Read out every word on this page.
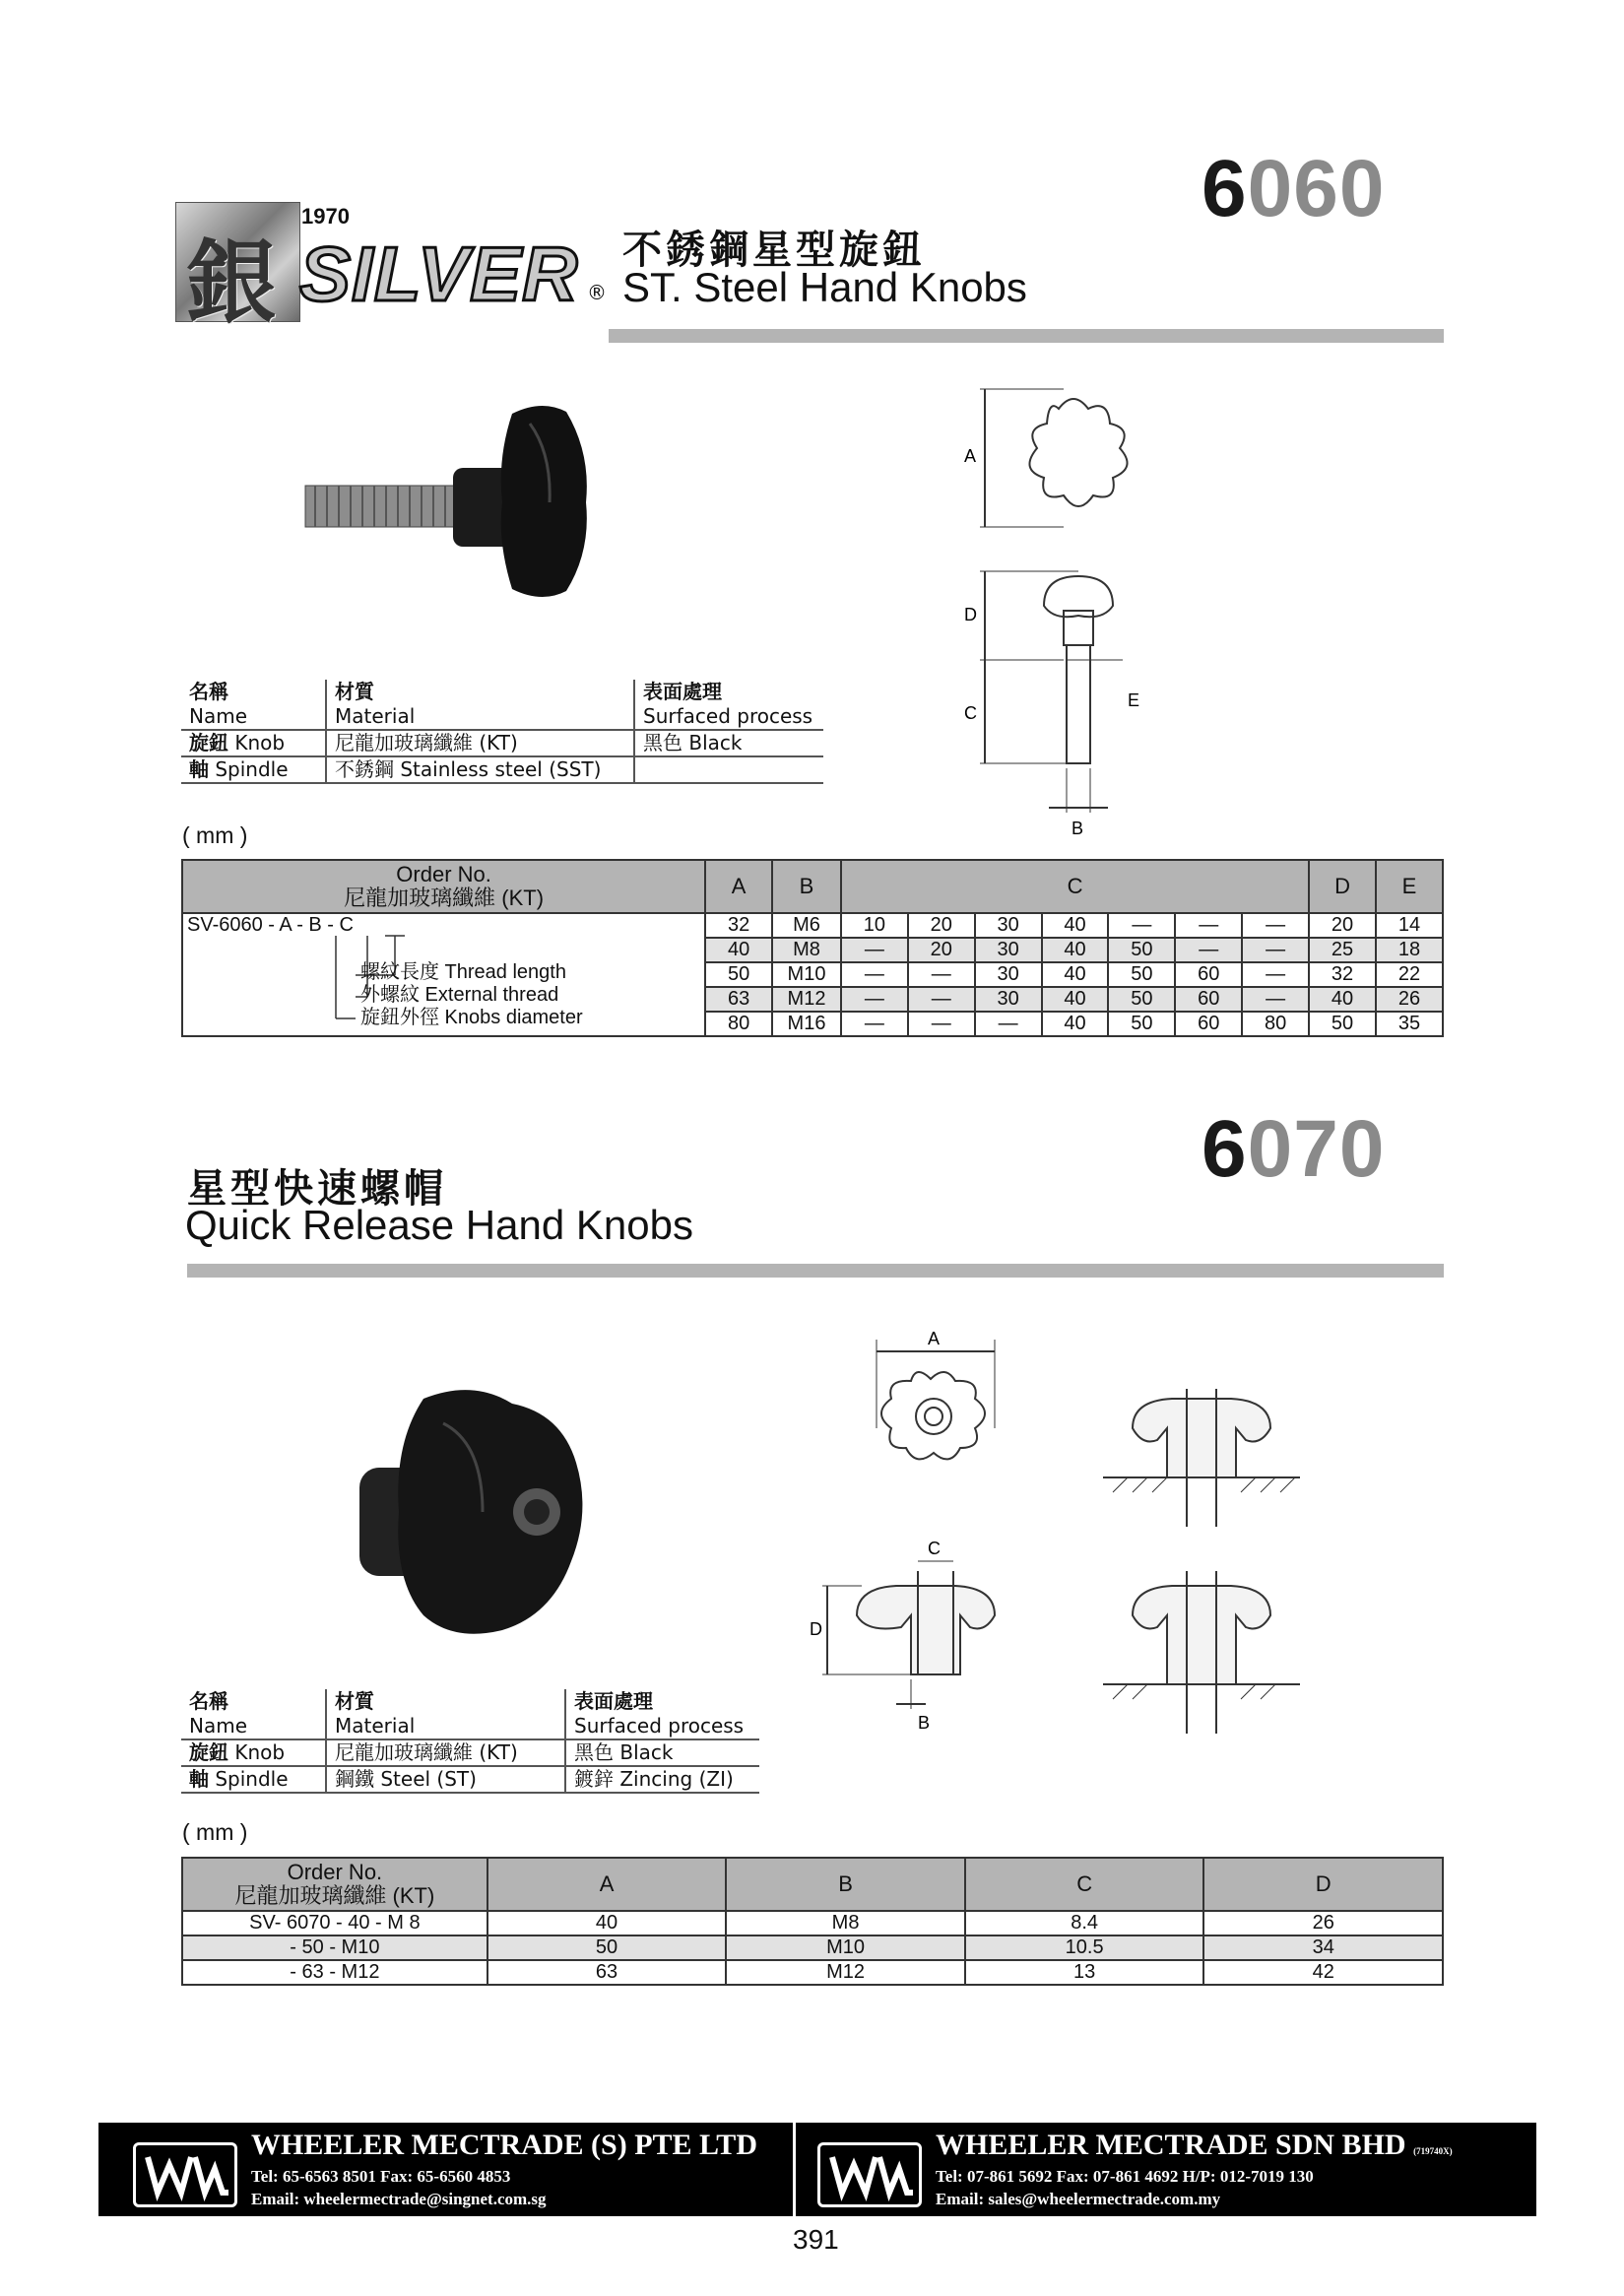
6060
銀
1970
SILVER ®
不銹鋼星型旋鈕
ST. Steel Hand Knobs
名稱	材質	表面處理
Name	Material	Surfaced process
旋鈕 Knob	尼龍加玻璃纖維 (KT)	黑色 Black
軸 Spindle	不銹鋼 Stainless steel (SST)	
A
D
C
E
B
( mm )
Order No.
尼龍加玻璃纖維 (KT)	A	B	C							D	E

SV-6060 - A - B - C
螺紋長度 Thread length
外螺紋 External thread
旋鈕外徑 Knobs diameter	32	M6	10	20	30	40	—	—	—	20	14
	40	M8	—	20	30	40	50	—	—	25	18
	50	M10	—	—	30	40	50	60	—	32	22
	63	M12	—	—	30	40	50	60	—	40	26
	80	M16	—	—	—	40	50	60	80	50	35
6070
星型快速螺帽
Quick Release Hand Knobs
名稱	材質	表面處理
Name	Material	Surfaced process
旋鈕 Knob	尼龍加玻璃纖維 (KT)	黑色 Black
軸 Spindle	鋼鐵 Steel (ST)	鍍鋅 Zincing (ZI)
A
C
D
B
( mm )
Order No.
尼龍加玻璃纖維 (KT)	A	B	C	D
SV- 6070 - 40 - M 8	40	M8	8.4	26
- 50 - M10	50	M10	10.5	34
- 63 - M12	63	M12	13	42
WHEELER MECTRADE (S) PTE LTD
Tel: 65-6563 8501 Fax: 65-6560 4853
Email: wheelermectrade@singnet.com.sg
WHEELER MECTRADE SDN BHD (719740X)
Tel: 07-861 5692 Fax: 07-861 4692 H/P: 012-7019 130
Email: sales@wheelermectrade.com.my
391
